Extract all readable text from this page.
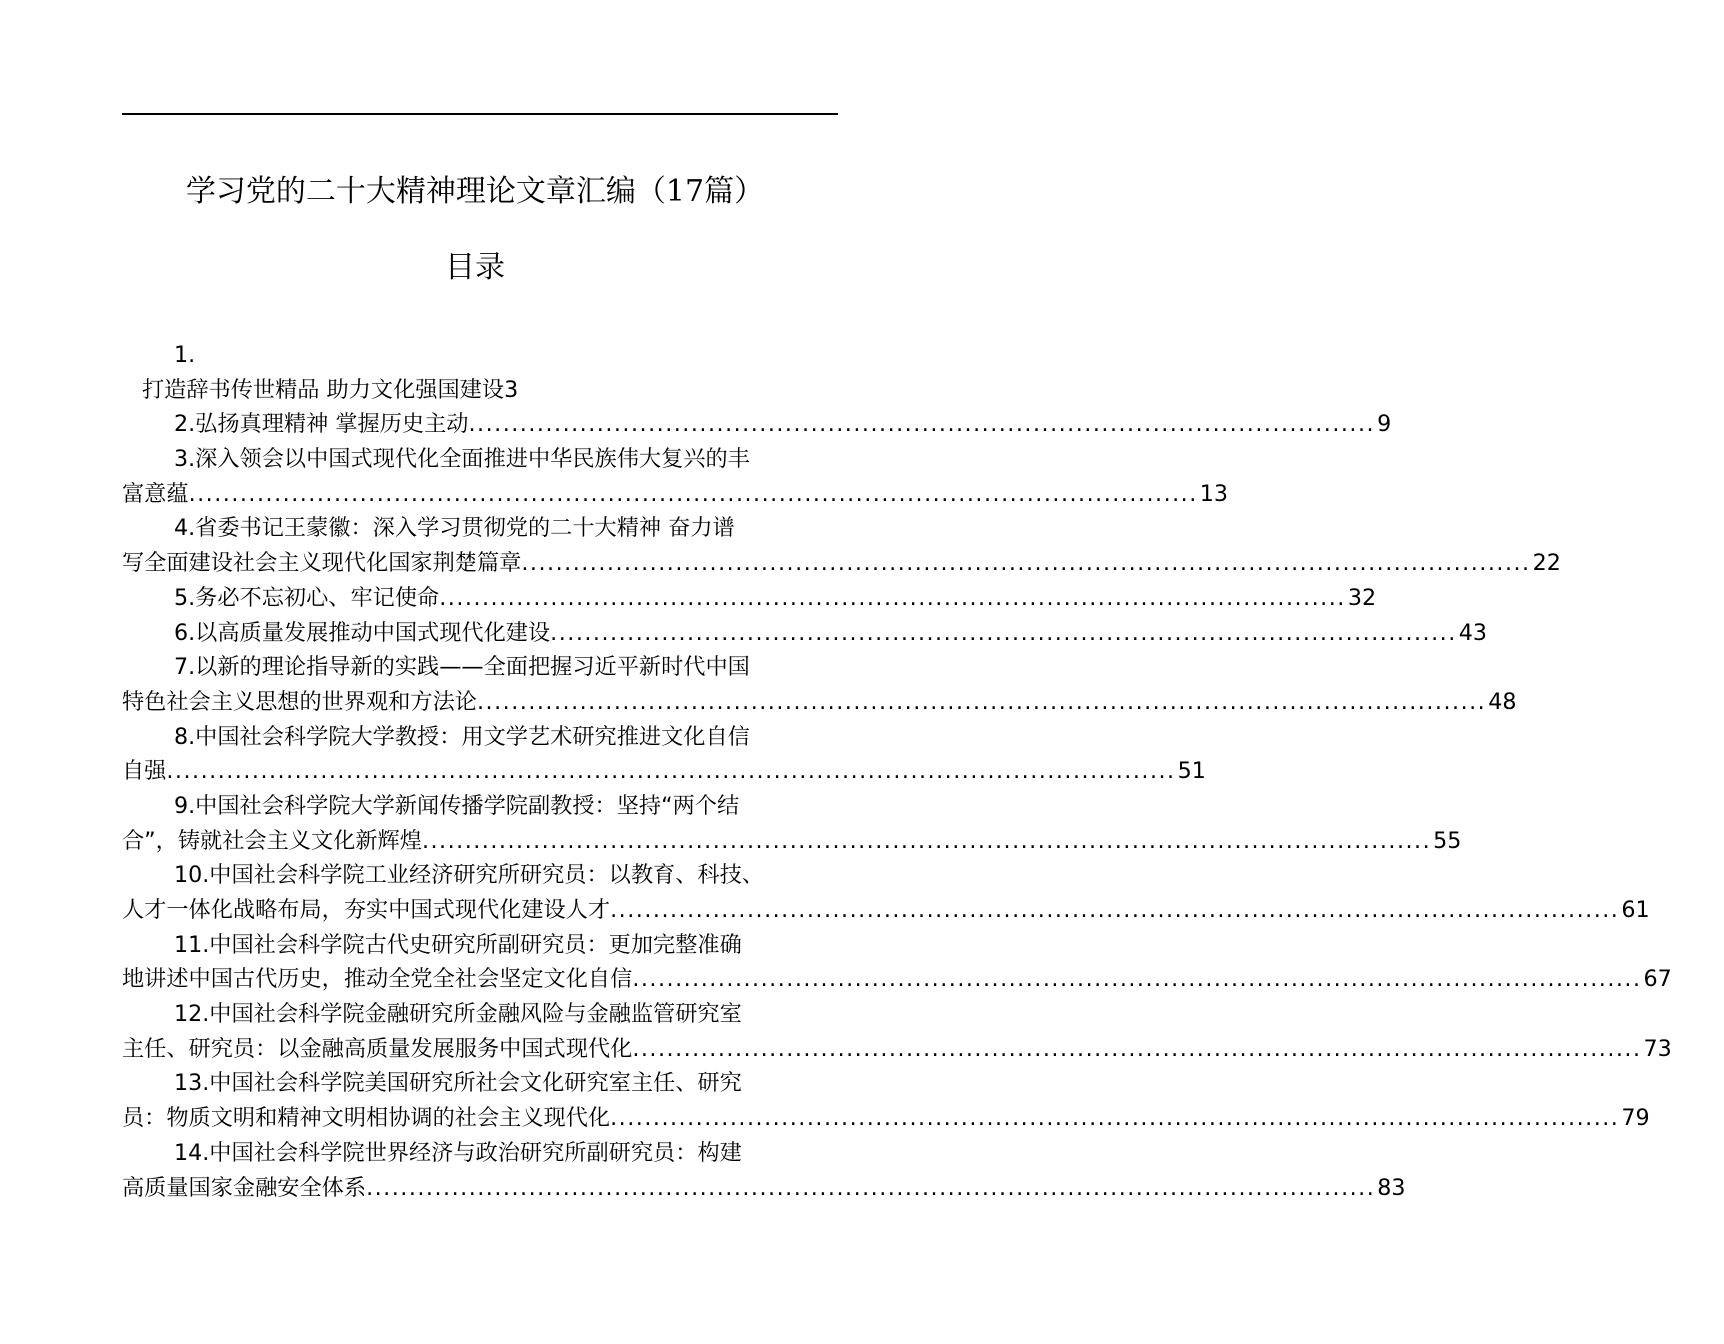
学习党的二十大精神理论文章汇编（17篇）
目录
1.
打造辞书传世精品 助力文化强国建设3
2.弘扬真理精神 掌握历史主动 .......................................................................................................... 9
3.深入领会以中国式现代化全面推进中华民族伟大复兴的丰
富意蕴 ...................................................................................................................... 13
4.省委书记王蒙徽：深入学习贯彻党的二十大精神 奋力谱
写全面建设社会主义现代化国家荆楚篇章 ...................................................................................................................... 22
5.务必不忘初心、牢记使命 .......................................................................................................... 32
6.以高质量发展推动中国式现代化建设 .......................................................................................................... 43
7.以新的理论指导新的实践——全面把握习近平新时代中国
特色社会主义思想的世界观和方法论 ...................................................................................................................... 48
8.中国社会科学院大学教授：用文学艺术研究推进文化自信
自强 ...................................................................................................................... 51
9.中国社会科学院大学新闻传播学院副教授：坚持“两个结
合”，铸就社会主义文化新辉煌 ...................................................................................................................... 55
10.中国社会科学院工业经济研究所研究员：以教育、科技、
人才一体化战略布局，夯实中国式现代化建设人才 ...................................................................................................................... 61
11.中国社会科学院古代史研究所副研究员：更加完整准确
地讲述中国古代历史，推动全党全社会坚定文化自信 ...................................................................................................................... 67
12.中国社会科学院金融研究所金融风险与金融监管研究室
主任、研究员：以金融高质量发展服务中国式现代化 ...................................................................................................................... 73
13.中国社会科学院美国研究所社会文化研究室主任、研究
员：物质文明和精神文明相协调的社会主义现代化 ...................................................................................................................... 79
14.中国社会科学院世界经济与政治研究所副研究员：构建
高质量国家金融安全体系 ...................................................................................................................... 83
